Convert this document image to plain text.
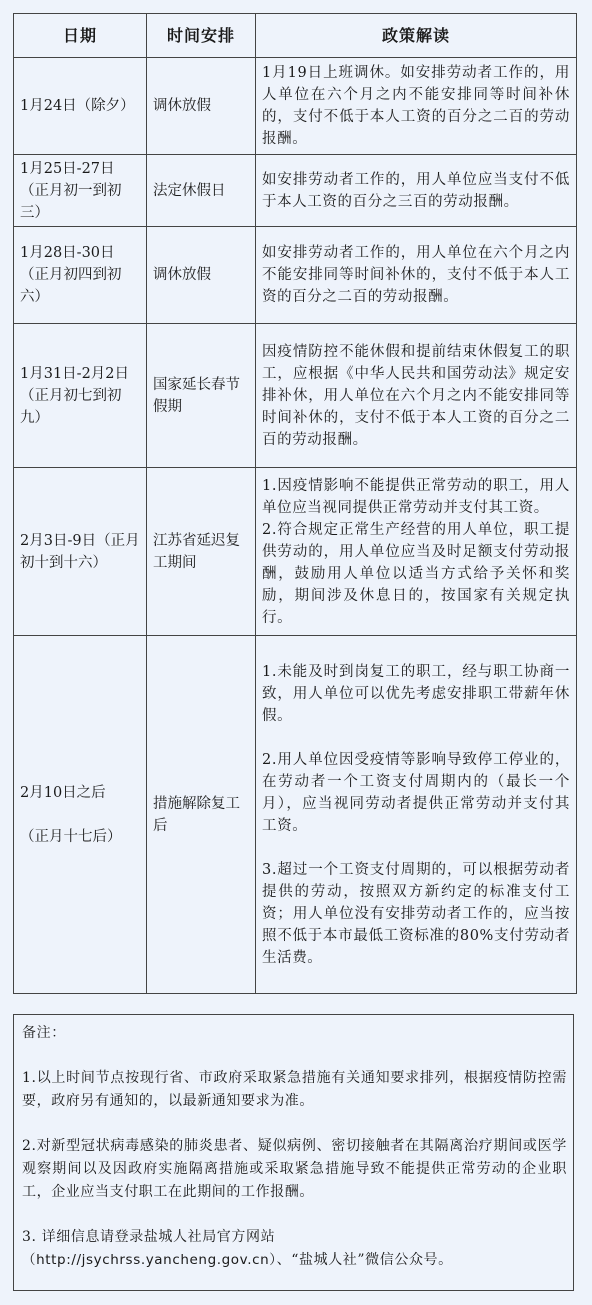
日期	时间安排	政策解读
1月24日（除夕）	调休放假	1月19日上班调休。如安排劳动者工作的，用人单位在六个月之内不能安排同等时间补休的，支付不低于本人工资的百分之二百的劳动报酬。

1月25日-27日（正月初一到初三）	法定休假日	如安排劳动者工作的，用人单位应当支付不低于本人工资的百分之三百的劳动报酬。

1月28日-30日（正月初四到初六）	调休放假	如安排劳动者工作的，用人单位在六个月之内不能安排同等时间补休的，支付不低于本人工资的百分之二百的劳动报酬。

1月31日-2月2日（正月初七到初九）	国家延长春节假期	因疫情防控不能休假和提前结束休假复工的职工，应根据《中华人民共和国劳动法》规定安排补休，用人单位在六个月之内不能安排同等时间补休的，支付不低于本人工资的百分之二百的劳动报酬。

2月3日-9日（正月初十到十六）	江苏省延迟复工期间	1.因疫情影响不能提供正常劳动的职工，用人单位应当视同提供正常劳动并支付其工资。
2.符合规定正常生产经营的用人单位，职工提供劳动的，用人单位应当及时足额支付劳动报酬，鼓励用人单位以适当方式给予关怀和奖励，期间涉及休息日的，按国家有关规定执行。

2月10日之后
（正月十七后）	措施解除复工后	1.未能及时到岗复工的职工，经与职工协商一致，用人单位可以优先考虑安排职工带薪年休假。
2.用人单位因受疫情等影响导致停工停业的，在劳动者一个工资支付周期内的（最长一个月），应当视同劳动者提供正常劳动并支付其工资。
3.超过一个工资支付周期的，可以根据劳动者提供的劳动，按照双方新约定的标准支付工资；用人单位没有安排劳动者工作的，应当按照不低于本市最低工资标准的80%支付劳动者生活费。
备注：
1.以上时间节点按现行省、市政府采取紧急措施有关通知要求排列，根据疫情防控需要，政府另有通知的，以最新通知要求为准。
2.对新型冠状病毒感染的肺炎患者、疑似病例、密切接触者在其隔离治疗期间或医学观察期间以及因政府实施隔离措施或采取紧急措施导致不能提供正常劳动的企业职工，企业应当支付职工在此期间的工作报酬。
3. 详细信息请登录盐城人社局官方网站
（http://jsychrss.yancheng.gov.cn）、“盐城人社”微信公众号。
